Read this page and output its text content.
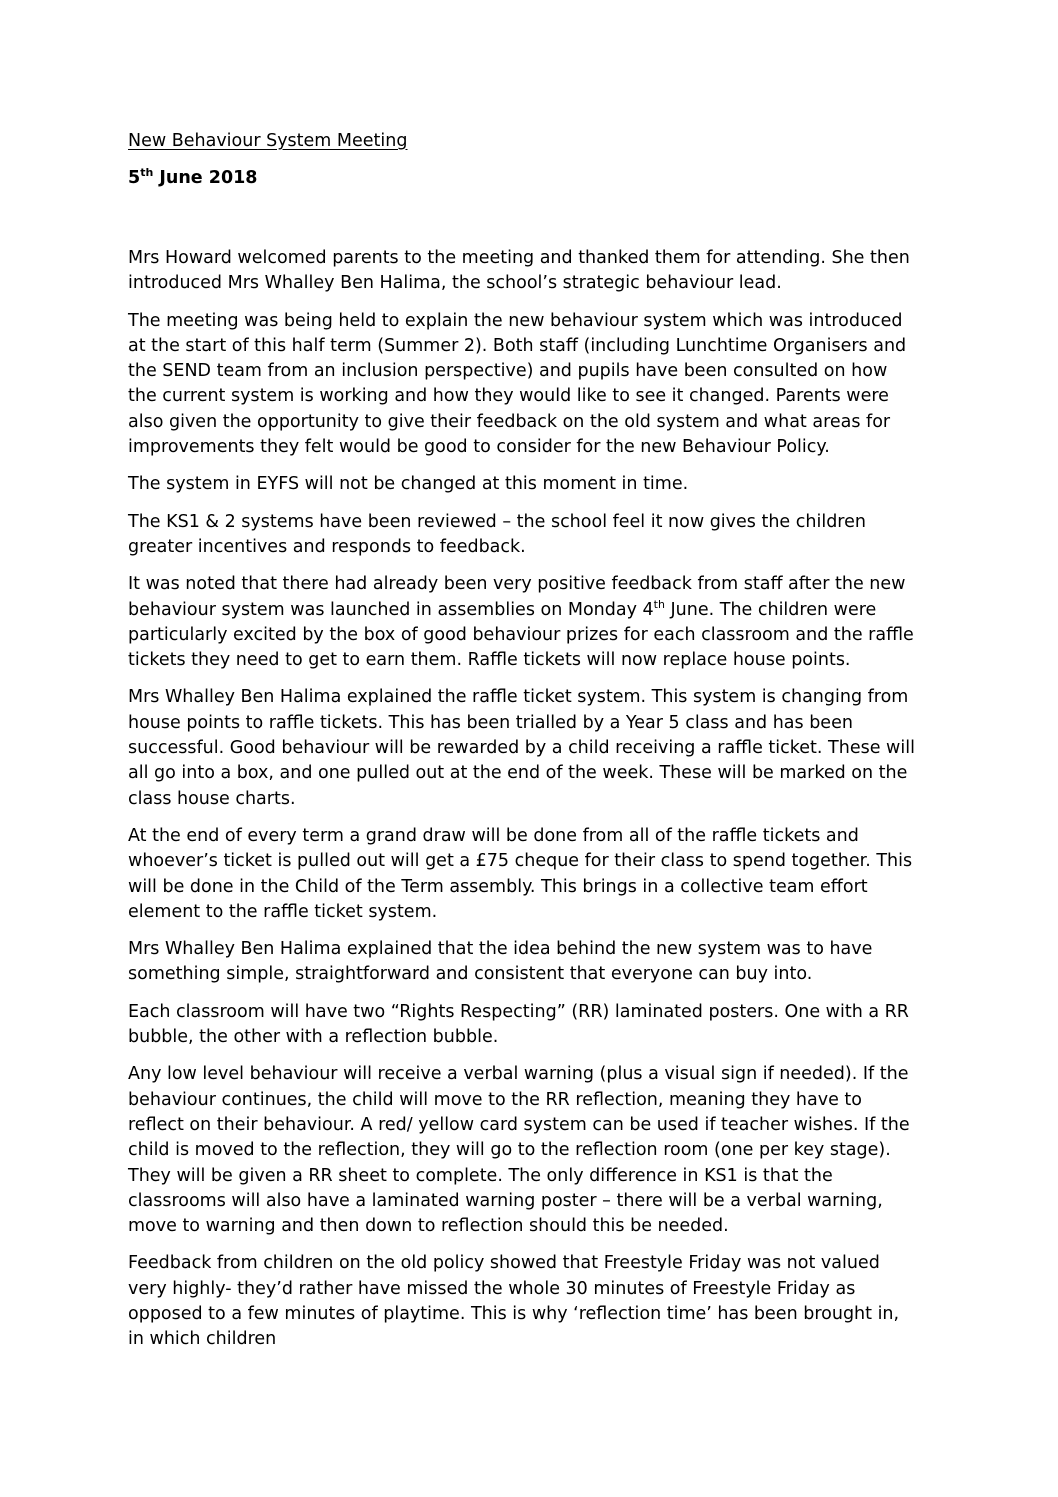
New Behaviour System Meeting
5th June 2018

Mrs Howard welcomed parents to the meeting and thanked them for attending. She then introduced Mrs Whalley Ben Halima, the school’s strategic behaviour lead.

The meeting was being held to explain the new behaviour system which was introduced at the start of this half term (Summer 2). Both staff (including Lunchtime Organisers and the SEND team from an inclusion perspective) and pupils have been consulted on how the current system is working and how they would like to see it changed. Parents were also given the opportunity to give their feedback on the old system and what areas for improvements they felt would be good to consider for the new Behaviour Policy.

The system in EYFS will not be changed at this moment in time.

The KS1 & 2 systems have been reviewed – the school feel it now gives the children greater incentives and responds to feedback.

It was noted that there had already been very positive feedback from staff after the new behaviour system was launched in assemblies on Monday 4th June. The children were particularly excited by the box of good behaviour prizes for each classroom and the raffle tickets they need to get to earn them. Raffle tickets will now replace house points.

Mrs Whalley Ben Halima explained the raffle ticket system. This system is changing from house points to raffle tickets. This has been trialled by a Year 5 class and has been successful. Good behaviour will be rewarded by a child receiving a raffle ticket. These will all go into a box, and one pulled out at the end of the week. These will be marked on the class house charts.

At the end of every term a grand draw will be done from all of the raffle tickets and whoever’s ticket is pulled out will get a £75 cheque for their class to spend together. This will be done in the Child of the Term assembly. This brings in a collective team effort element to the raffle ticket system.

Mrs Whalley Ben Halima explained that the idea behind the new system was to have something simple, straightforward and consistent that everyone can buy into.

Each classroom will have two “Rights Respecting” (RR) laminated posters. One with a RR bubble, the other with a reflection bubble.

Any low level behaviour will receive a verbal warning (plus a visual sign if needed). If the behaviour continues, the child will move to the RR reflection, meaning they have to reflect on their behaviour. A red/ yellow card system can be used if teacher wishes. If the child is moved to the reflection, they will go to the reflection room (one per key stage). They will be given a RR sheet to complete. The only difference in KS1 is that the classrooms will also have a laminated warning poster – there will be a verbal warning, move to warning and then down to reflection should this be needed.

Feedback from children on the old policy showed that Freestyle Friday was not valued very highly- they’d rather have missed the whole 30 minutes of Freestyle Friday as opposed to a few minutes of playtime. This is why ‘reflection time’ has been brought in, in which children
